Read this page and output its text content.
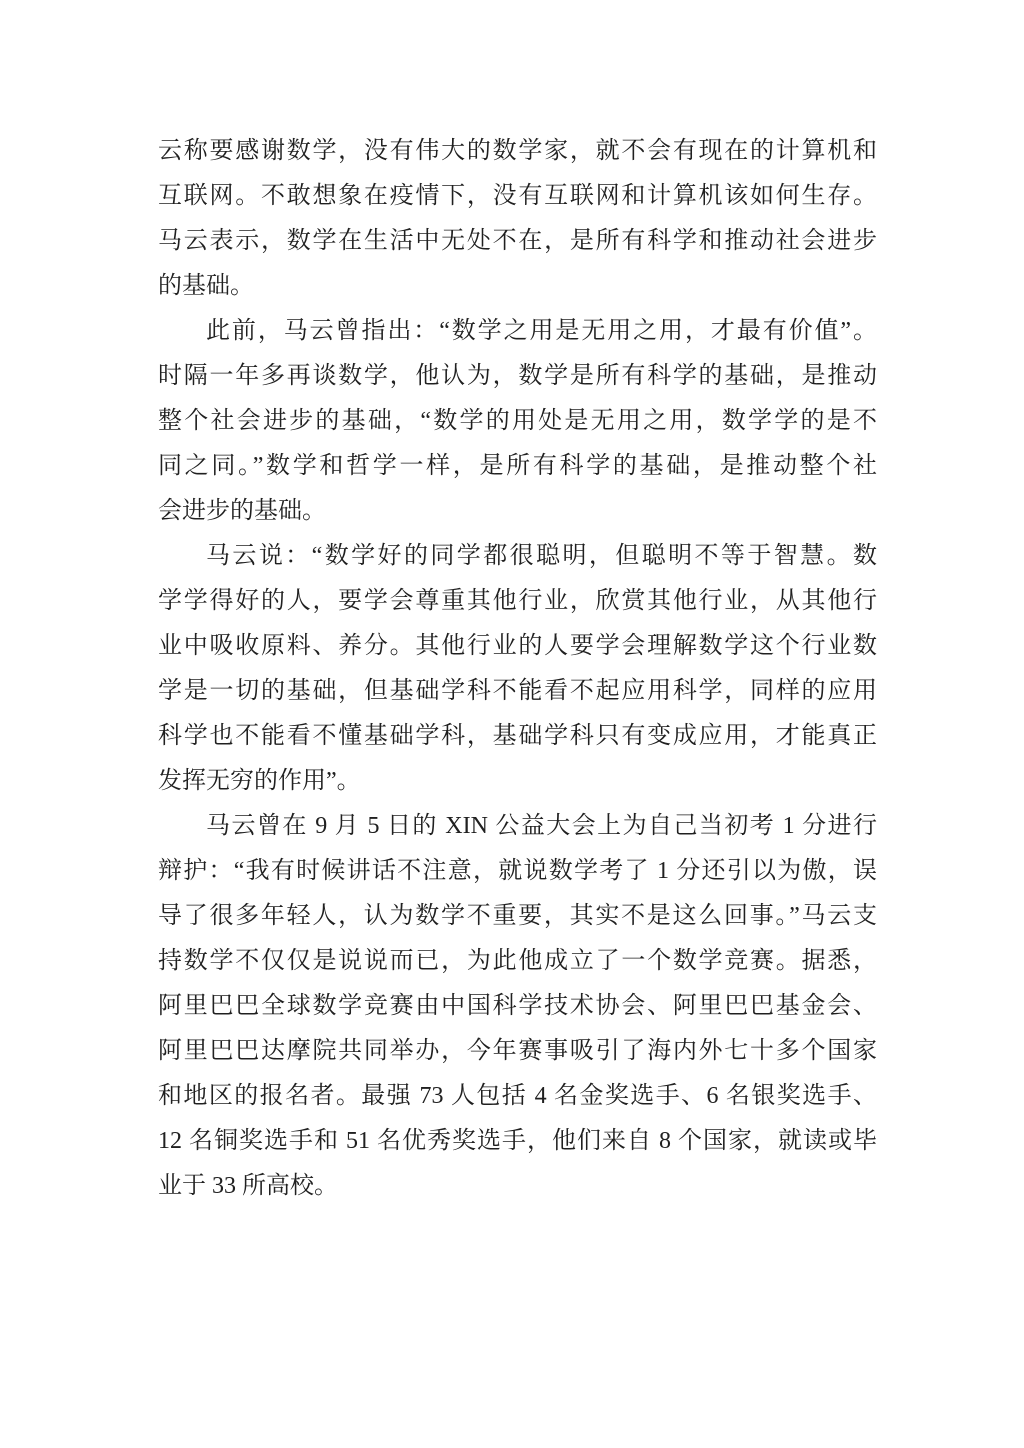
云称要感谢数学，没有伟大的数学家，就不会有现在的计算机和
互联网。不敢想象在疫情下，没有互联网和计算机该如何生存。
马云表示，数学在生活中无处不在，是所有科学和推动社会进步
的基础。
此前，马云曾指出：“数学之用是无用之用，才最有价值”。
时隔一年多再谈数学，他认为，数学是所有科学的基础，是推动
整个社会进步的基础，“数学的用处是无用之用，数学学的是不
同之同。”数学和哲学一样，是所有科学的基础，是推动整个社
会进步的基础。
马云说：“数学好的同学都很聪明，但聪明不等于智慧。数
学学得好的人，要学会尊重其他行业，欣赏其他行业，从其他行
业中吸收原料、养分。其他行业的人要学会理解数学这个行业数
学是一切的基础，但基础学科不能看不起应用科学，同样的应用
科学也不能看不懂基础学科，基础学科只有变成应用，才能真正
发挥无穷的作用”。
马云曾在 9 月 5 日的 XIN 公益大会上为自己当初考 1 分进行
辩护：“我有时候讲话不注意，就说数学考了 1 分还引以为傲，误
导了很多年轻人，认为数学不重要，其实不是这么回事。”马云支
持数学不仅仅是说说而已，为此他成立了一个数学竞赛。据悉，
阿里巴巴全球数学竞赛由中国科学技术协会、阿里巴巴基金会、
阿里巴巴达摩院共同举办，今年赛事吸引了海内外七十多个国家
和地区的报名者。最强 73 人包括 4 名金奖选手、6 名银奖选手、
12 名铜奖选手和 51 名优秀奖选手，他们来自 8 个国家，就读或毕
业于 33 所高校。
